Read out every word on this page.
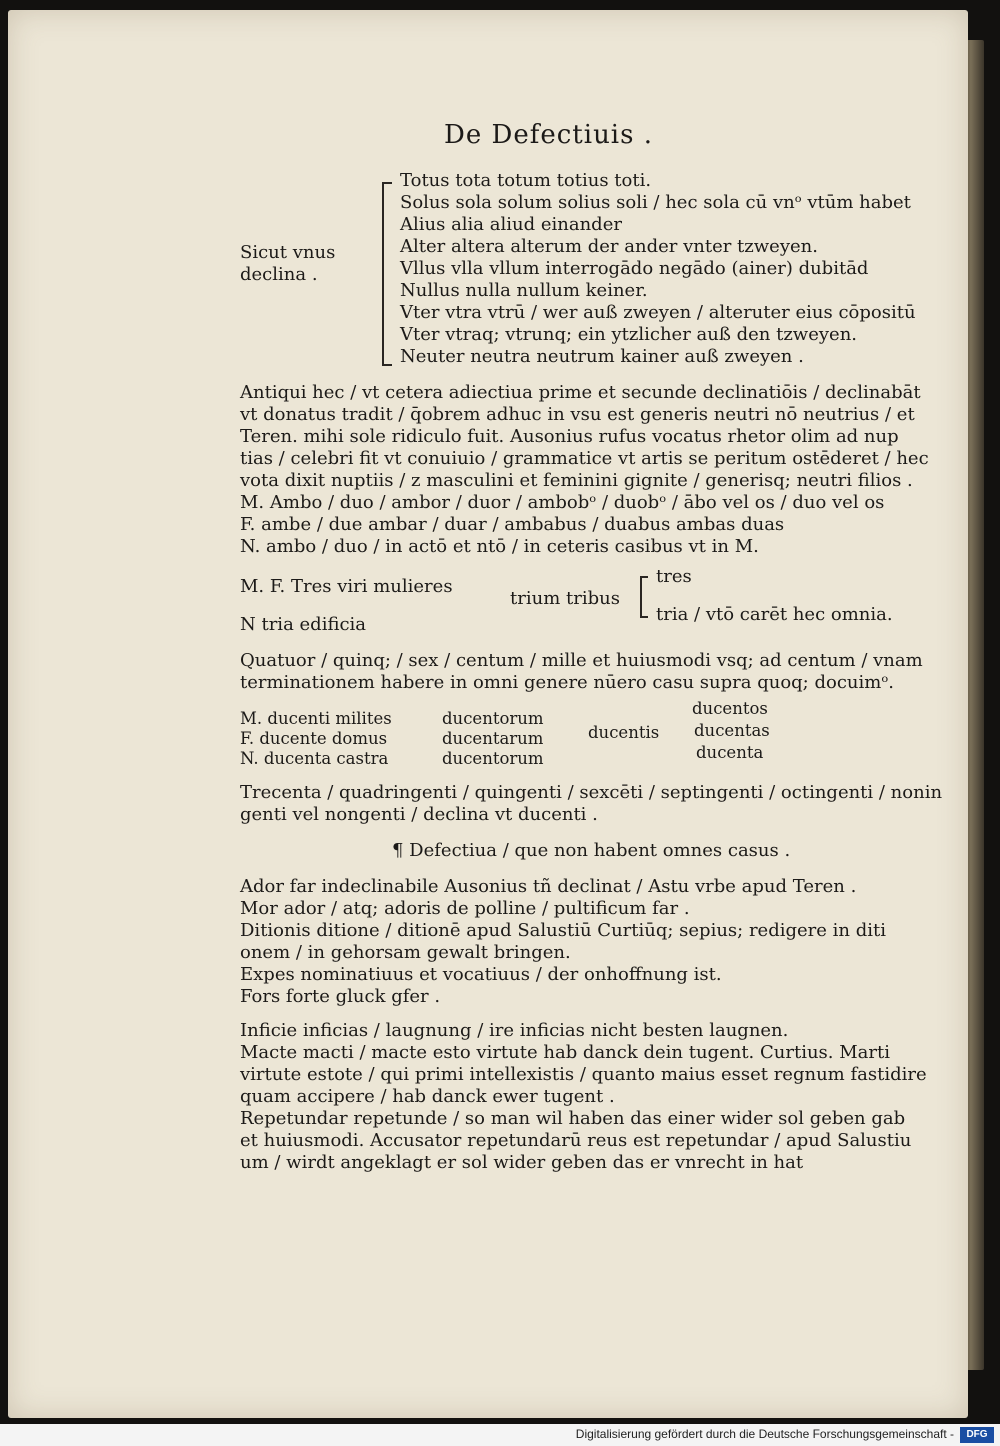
De Defectiuis .
Sicut vnus
declina .
Totus tota totum totius toti.
Solus sola solum solius soli / hec sola cū vnᵒ vtūm habet
Alius alia aliud einander
Alter altera alterum der ander vnter tzweyen.
Vllus vlla vllum interrogādo negādo (ainer) dubitād
Nullus nulla nullum keiner.
Vter vtra vtrū / wer auß zweyen / alteruter eius cōpositū
Vter vtraq; vtrunq; ein ytzlicher auß den tzweyen.
Neuter neutra neutrum kainer auß zweyen .
Antiqui hec / vt cetera adiectiua prime et secunde declinatiōis / declinabāt
vt donatus tradit / q̄obrem adhuc in vsu est generis neutri nō neutrius / et
Teren. mihi sole ridiculo fuit. Ausonius rufus vocatus rhetor olim ad nup
tias / celebri fit vt conuiuio / grammatice vt artis se peritum ostēderet / hec
vota dixit nuptiis / z masculini et feminini gignite / generisq; neutri filios .
M. Ambo / duo / ambor / duor / ambobᵒ / duobᵒ / ābo vel os / duo vel os
F. ambe / due ambar / duar / ambabus / duabus ambas duas
N. ambo / duo / in actō et ntō / in ceteris casibus vt in M.
M. F. Tres viri mulieres
N tria edificia
trium tribus
tres
tria / vtō carēt hec omnia.
Quatuor / quinq; / sex / centum / mille et huiusmodi vsq; ad centum / vnam
terminationem habere in omni genere nūero casu supra quoq; docuimᵒ.
M. ducenti milites
F. ducente domus
N. ducenta castra
ducentorum
ducentarum
ducentorum
ducentis
ducentos
ducentas
ducenta
Trecenta / quadringenti / quingenti / sexcēti / septingenti / octingenti / nonin
genti vel nongenti / declina vt ducenti .
¶ Defectiua / que non habent omnes casus .
Ador far indeclinabile Ausonius tñ declinat / Astu vrbe apud Teren .
Mor ador / atq; adoris de polline / pultificum far .
Ditionis ditione / ditionē apud Salustiū Curtiūq; sepius; redigere in diti
onem / in gehorsam gewalt bringen.
Expes nominatiuus et vocatiuus / der onhoffnung ist.
Fors forte gluck gfer .
Inficie inficias / laugnung / ire inficias nicht besten laugnen.
Macte macti / macte esto virtute hab danck dein tugent. Curtius. Marti
virtute estote / qui primi intellexistis / quanto maius esset regnum fastidire
quam accipere / hab danck ewer tugent .
Repetundar repetunde / so man wil haben das einer wider sol geben gab
et huiusmodi. Accusator repetundarū reus est repetundar / apud Salustiu
um / wirdt angeklagt er sol wider geben das er vnrecht in hat
Digitalisierung gefördert durch die Deutsche Forschungsgemeinschaft -	DFG
